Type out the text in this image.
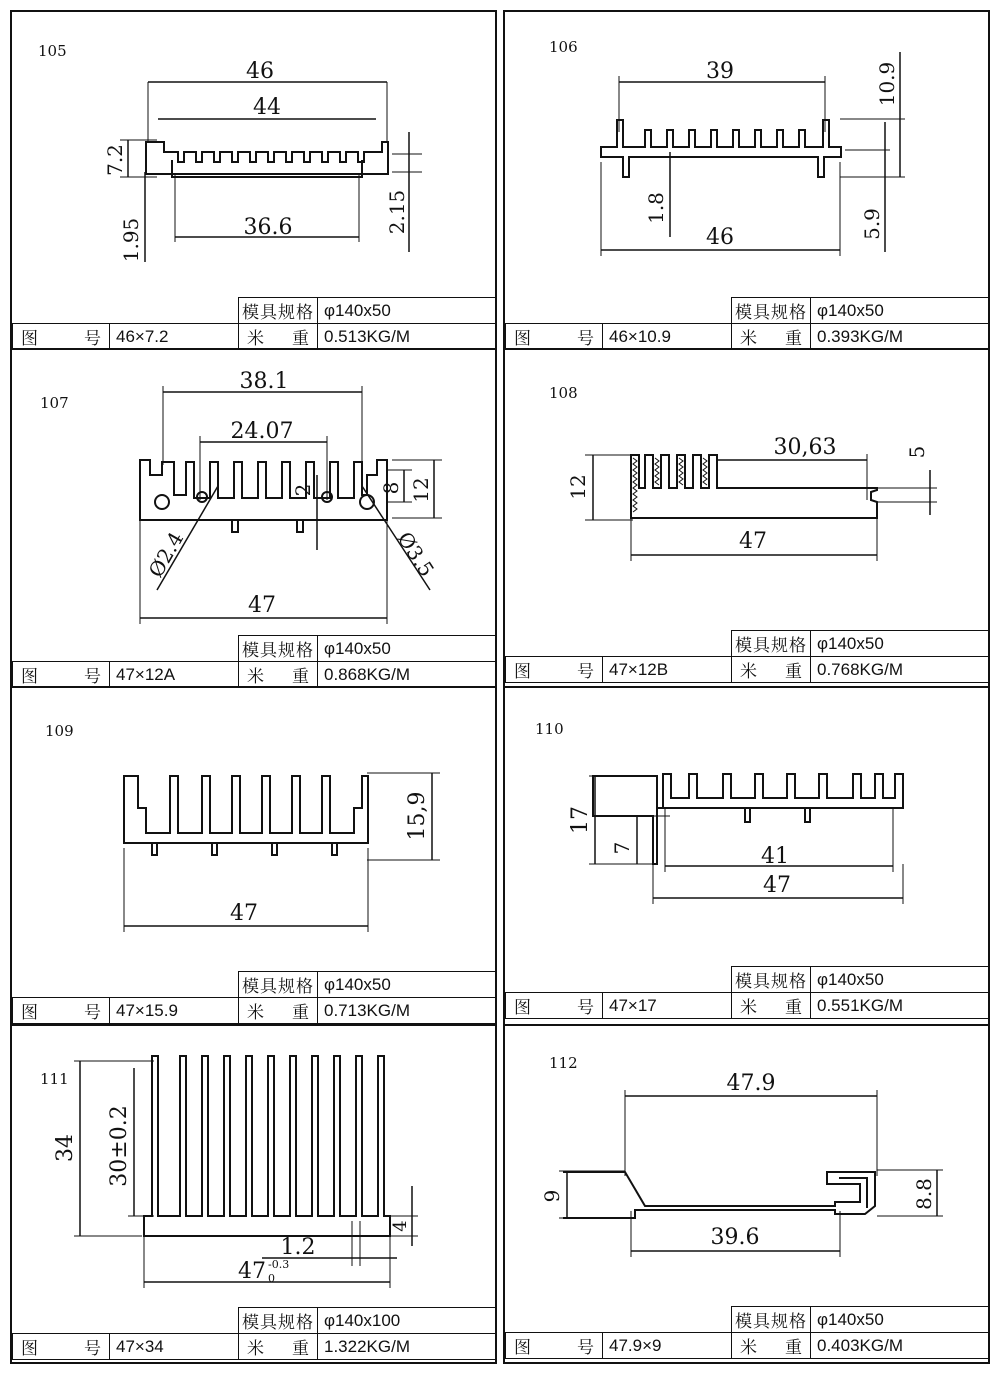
105
46
44
7.2
1.95	36.6	2.15
模具规格 φ140x50
图	号 46×7.2	米 重 0.513KG/M
106
39	10.9
1.8
46	5.9
模具规格 φ140x50
图	号 46×10.9	米 重 0.393KG/M
107
38.1
24.07
2	8 12
Ø2.4	Ø3.5
47
模具规格 φ140x50
图	号 47×12A	米 重 0.868KG/M
108
30,63	5
12
47
模具规格 φ140x50
图	号 47×12B	米 重 0.768KG/M
109
15,9
47
模具规格 φ140x50
图	号 47×15.9	米 重 0.713KG/M
110
17
7	41
47
模具规格 φ140x50
图	号 47×17	米 重 0.551KG/M
111
34 30±0.2
4
1.2
47 0
-0.3
模具规格 φ140x100
图	号 47×34	米 重 1.322KG/M
112
47.9
9	8.8
39.6
模具规格 φ140x50
图	号 47.9×9	米 重 0.403KG/M
